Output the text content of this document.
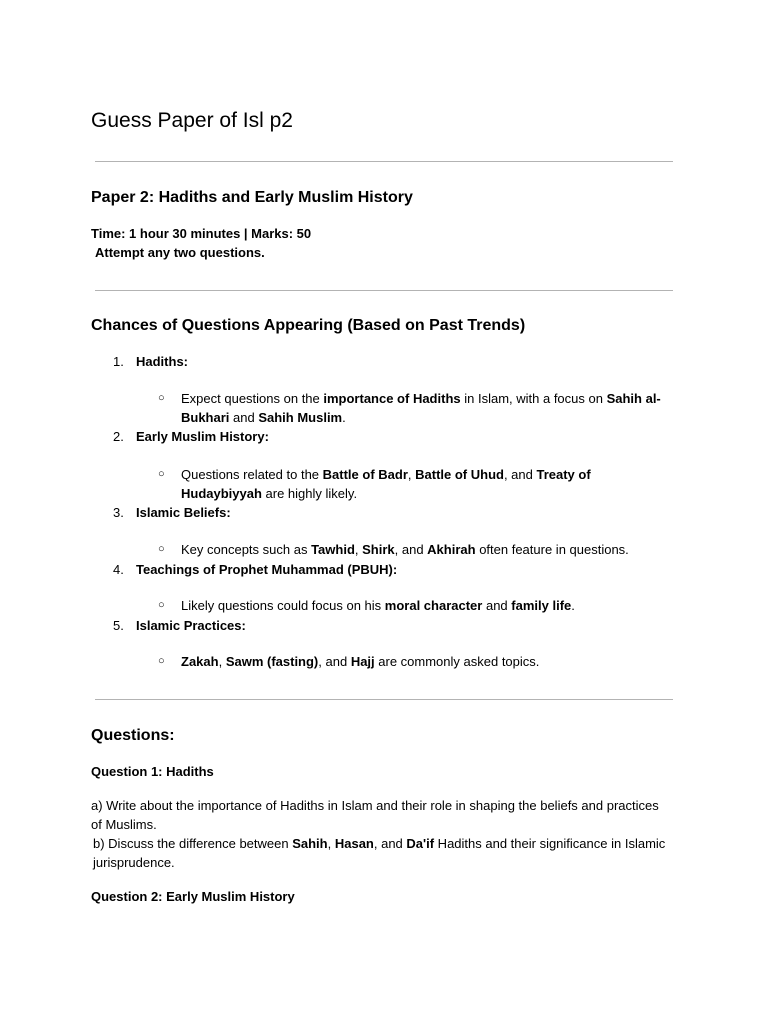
Guess Paper of Isl p2
Paper 2: Hadiths and Early Muslim History

Time: 1 hour 30 minutes | Marks: 50

Attempt any two questions.

Chances of Questions Appearing (Based on Past Trends)
1. Hadiths:
○ Expect questions on the importance of Hadiths in Islam, with a focus on Sahih al-Bukhari and Sahih Muslim.
2. Early Muslim History:
○ Questions related to the Battle of Badr, Battle of Uhud, and Treaty of Hudaybiyyah are highly likely.
3. Islamic Beliefs:
○ Key concepts such as Tawhid, Shirk, and Akhirah often feature in questions.
4. Teachings of Prophet Muhammad (PBUH):
○ Likely questions could focus on his moral character and family life.
5. Islamic Practices:
○ Zakah, Sawm (fasting), and Hajj are commonly asked topics.
Questions:

Question 1: Hadiths

a) Write about the importance of Hadiths in Islam and their role in shaping the beliefs and practices of Muslims.
b) Discuss the difference between Sahih, Hasan, and Da'if Hadiths and their significance in Islamic jurisprudence.

Question 2: Early Muslim History
